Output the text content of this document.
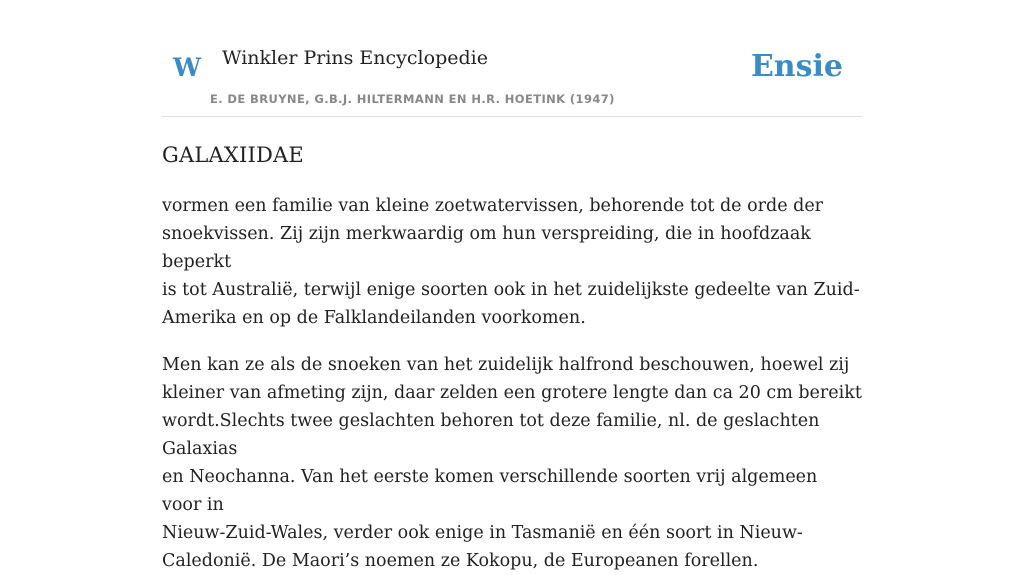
W Winkler Prins Encyclopedie
E. DE BRUYNE, G.B.J. HILTERMANN EN H.R. HOETINK (1947)
Ensie
GALAXIIDAE

vormen een familie van kleine zoetwatervissen, behorende tot de orde der
snoekvissen. Zij zijn merkwaardig om hun verspreiding, die in hoofdzaak beperkt
is tot Australië, terwijl enige soorten ook in het zuidelijkste gedeelte van Zuid-
Amerika en op de Falklandeilanden voorkomen.

Men kan ze als de snoeken van het zuidelijk halfrond beschouwen, hoewel zij
kleiner van afmeting zijn, daar zelden een grotere lengte dan ca 20 cm bereikt
wordt.Slechts twee geslachten behoren tot deze familie, nl. de geslachten Galaxias
en Neochanna. Van het eerste komen verschillende soorten vrij algemeen voor in
Nieuw-Zuid-Wales, verder ook enige in Tasmanië en één soort in Nieuw-
Caledonië. De Maori’s noemen ze Kokopu, de Europeanen forellen.
